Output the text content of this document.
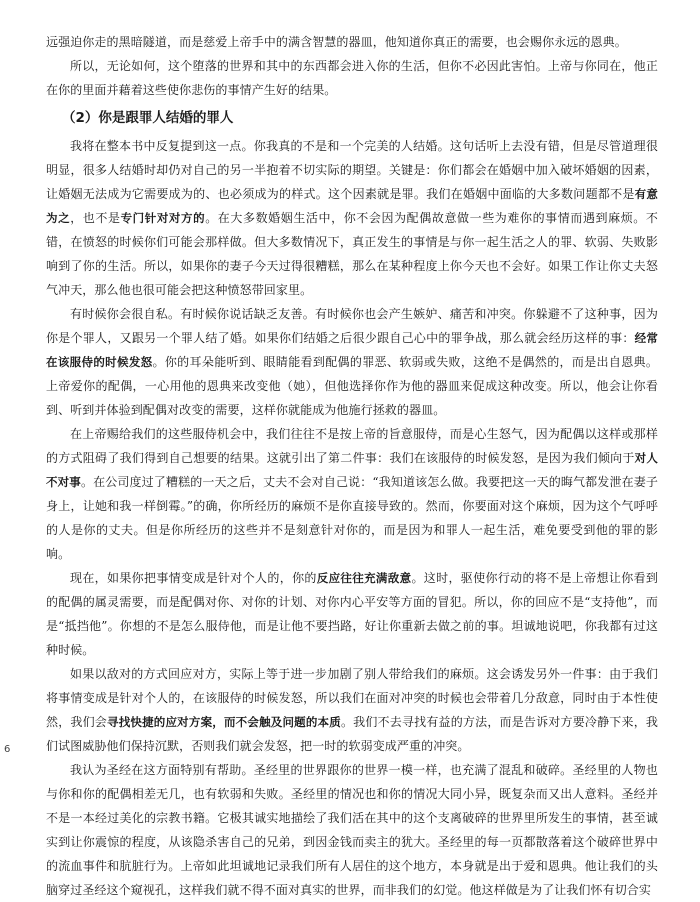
远强迫你走的黑暗隧道，而是慈爱上帝手中的满含智慧的器皿，他知道你真正的需要，也会赐你永远的恩典。

所以，无论如何，这个堕落的世界和其中的东西都会进入你的生活，但你不必因此害怕。上帝与你同在，他正在你的里面并藉着这些使你悲伤的事情产生好的结果。

（2）你是跟罪人结婚的罪人

我将在整本书中反复提到这一点。你我真的不是和一个完美的人结婚。这句话听上去没有错，但是尽管道理很明显，很多人结婚时却仍对自己的另一半抱着不切实际的期望。关键是：你们都会在婚姻中加入破坏婚姻的因素，让婚姻无法成为它需要成为的、也必须成为的样式。这个因素就是罪。我们在婚姻中面临的大多数问题都不是有意为之，也不是专门针对对方的。在大多数婚姻生活中，你不会因为配偶故意做一些为难你的事情而遇到麻烦。不错，在愤怒的时候你们可能会那样做。但大多数情况下，真正发生的事情是与你一起生活之人的罪、软弱、失败影响到了你的生活。所以，如果你的妻子今天过得很糟糕，那么在某种程度上你今天也不会好。如果工作让你丈夫怒气冲天，那么他也很可能会把这种愤怒带回家里。

有时候你会很自私。有时候你说话缺乏友善。有时候你也会产生嫉妒、痛苦和冲突。你躲避不了这种事，因为你是个罪人，又跟另一个罪人结了婚。如果你们结婚之后很少跟自己心中的罪争战，那么就会经历这样的事：经常在该服侍的时候发怒。你的耳朵能听到、眼睛能看到配偶的罪恶、软弱或失败，这绝不是偶然的，而是出自恩典。上帝爱你的配偶，一心用他的恩典来改变他（她），但他选择你作为他的器皿来促成这种改变。所以，他会让你看到、听到并体验到配偶对改变的需要，这样你就能成为他施行拯救的器皿。

在上帝赐给我们的这些服侍机会中，我们往往不是按上帝的旨意服侍，而是心生怒气，因为配偶以这样或那样的方式阻碍了我们得到自己想要的结果。这就引出了第二件事：我们在该服侍的时候发怒，是因为我们倾向于对人不对事。在公司度过了糟糕的一天之后，丈夫不会对自己说：“我知道该怎么做。我要把这一天的晦气都发泄在妻子身上，让她和我一样倒霉。”的确，你所经历的麻烦不是你直接导致的。然而，你要面对这个麻烦，因为这个气呼呼的人是你的丈夫。但是你所经历的这些并不是刻意针对你的，而是因为和罪人一起生活，难免要受到他的罪的影响。

现在，如果你把事情变成是针对个人的，你的反应往往充满敌意。这时，驱使你行动的将不是上帝想让你看到的配偶的属灵需要，而是配偶对你、对你的计划、对你内心平安等方面的冒犯。所以，你的回应不是“支持他”，而是“抵挡他”。你想的不是怎么服侍他，而是让他不要挡路，好让你重新去做之前的事。坦诚地说吧，你我都有过这种时候。

如果以敌对的方式回应对方，实际上等于进一步加剧了别人带给我们的麻烦。这会诱发另外一件事：由于我们将事情变成是针对个人的，在该服侍的时候发怒，所以我们在面对冲突的时候也会带着几分敌意，同时由于本性使然，我们会寻找快捷的应对方案，而不会触及问题的本质。我们不去寻找有益的方法，而是告诉对方要冷静下来，我们试图威胁他们保持沉默，否则我们就会发怒，把一时的软弱变成严重的冲突。

我认为圣经在这方面特别有帮助。圣经里的世界跟你的世界一模一样，也充满了混乱和破碎。圣经里的人物也与你和你的配偶相差无几，也有软弱和失败。圣经里的情况也和你的情况大同小异，既复杂而又出人意料。圣经并不是一本经过美化的宗教书籍。它极其诚实地描绘了我们活在其中的这个支离破碎的世界里所发生的事情，甚至诚实到让你震惊的程度，从该隐杀害自己的兄弟，到因金钱而卖主的犹大。圣经里的每一页都散落着这个破碎世界中的流血事件和肮脏行为。上帝如此坦诚地记录我们所有人居住的这个地方，本身就是出于爱和恩典。他让我们的头脑穿过圣经这个窥视孔，这样我们就不得不面对真实的世界，而非我们的幻觉。他这样做是为了让我们怀有切合实

6
